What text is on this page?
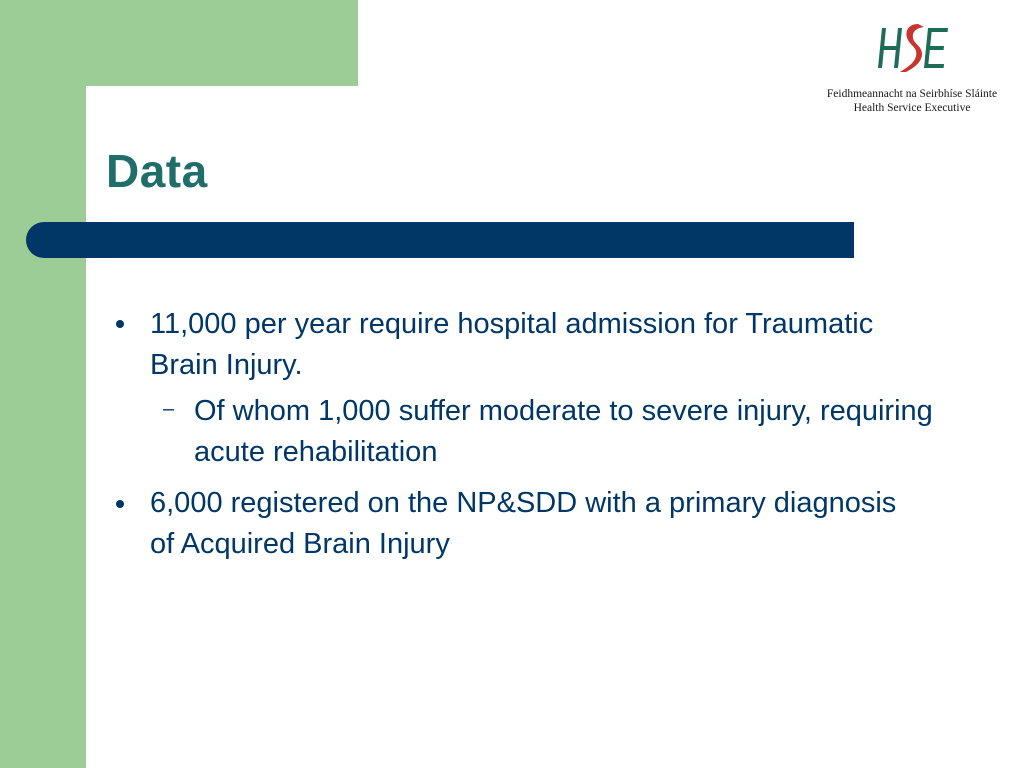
Feidhmeannacht na Seirbhíse Sláinte
Health Service Executive
Data

11,000 per year require hospital admission for Traumatic Brain Injury.

– Of whom 1,000 suffer moderate to severe injury, requiring acute rehabilitation

6,000 registered on the NP&SDD with a primary diagnosis of Acquired Brain Injury
